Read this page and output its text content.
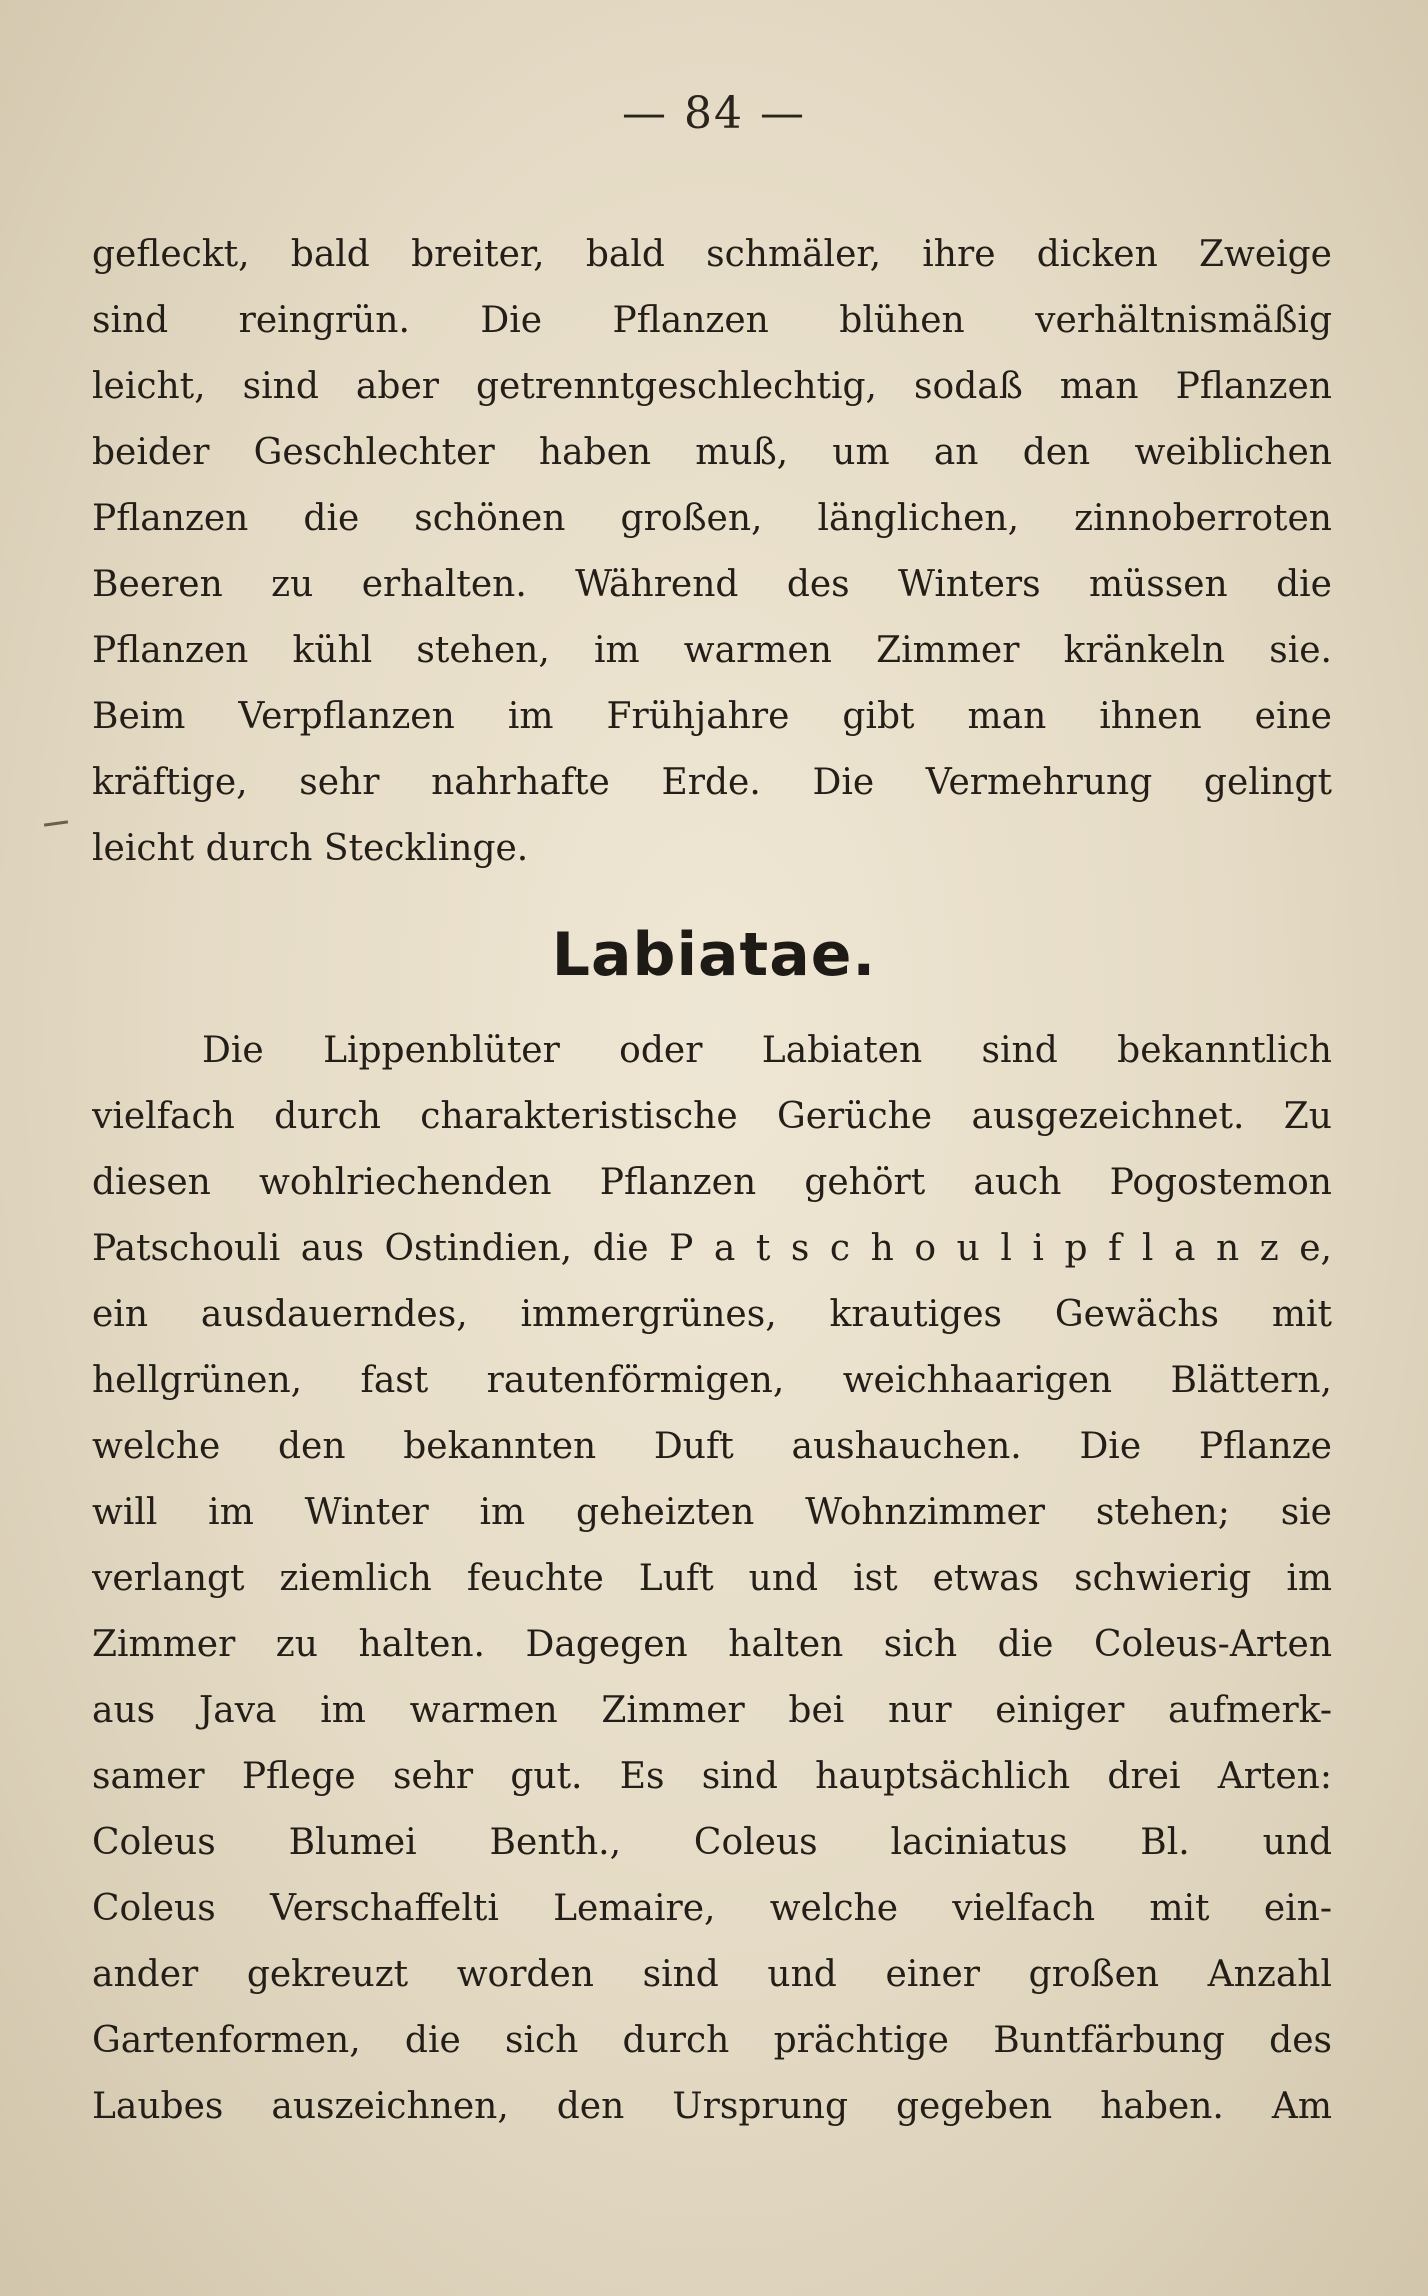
— 84 —
gefleckt, bald breiter, bald schmäler, ihre dicken Zweige
sind reingrün. Die Pflanzen blühen verhältnismäßig
leicht, sind aber getrenntgeschlechtig, sodaß man Pflanzen
beider Geschlechter haben muß, um an den weiblichen
Pflanzen die schönen großen, länglichen, zinnoberroten
Beeren zu erhalten. Während des Winters müssen die
Pflanzen kühl stehen, im warmen Zimmer kränkeln sie.
Beim Verpflanzen im Frühjahre gibt man ihnen eine
kräftige, sehr nahrhafte Erde. Die Vermehrung gelingt
leicht durch Stecklinge.
Labiatae.
Die Lippenblüter oder Labiaten sind bekanntlich
vielfach durch charakteristische Gerüche ausgezeichnet. Zu
diesen wohlriechenden Pflanzen gehört auch Pogostemon
Patschouli aus Ostindien, die P a t s c h o u l i p f l a n z e,
ein ausdauerndes, immergrünes, krautiges Gewächs mit
hellgrünen, fast rautenförmigen, weichhaarigen Blättern,
welche den bekannten Duft aushauchen. Die Pflanze
will im Winter im geheizten Wohnzimmer stehen; sie
verlangt ziemlich feuchte Luft und ist etwas schwierig im
Zimmer zu halten. Dagegen halten sich die Coleus-Arten
aus Java im warmen Zimmer bei nur einiger aufmerk-
samer Pflege sehr gut. Es sind hauptsächlich drei Arten:
Coleus Blumei Benth., Coleus laciniatus Bl. und
Coleus Verschaffelti Lemaire, welche vielfach mit ein-
ander gekreuzt worden sind und einer großen Anzahl
Gartenformen, die sich durch prächtige Buntfärbung des
Laubes auszeichnen, den Ursprung gegeben haben. Am
